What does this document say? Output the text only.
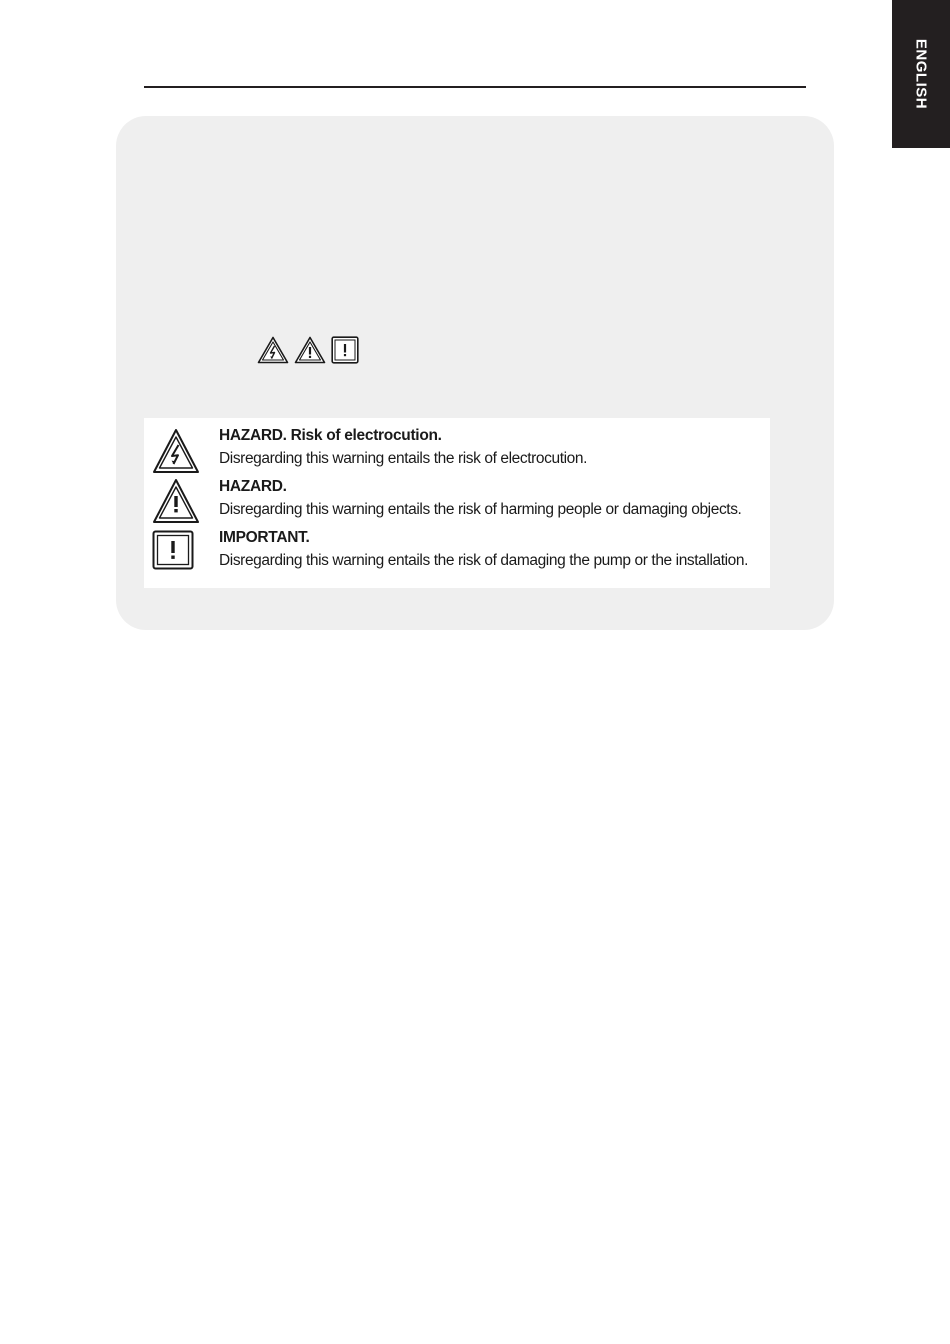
ENGLISH
HAZARD. Risk of electrocution.
Disregarding this warning entails the risk of electrocution.
HAZARD.
Disregarding this warning entails the risk of harming people or damaging objects.
IMPORTANT.
Disregarding this warning entails the risk of damaging the pump or the installation.
